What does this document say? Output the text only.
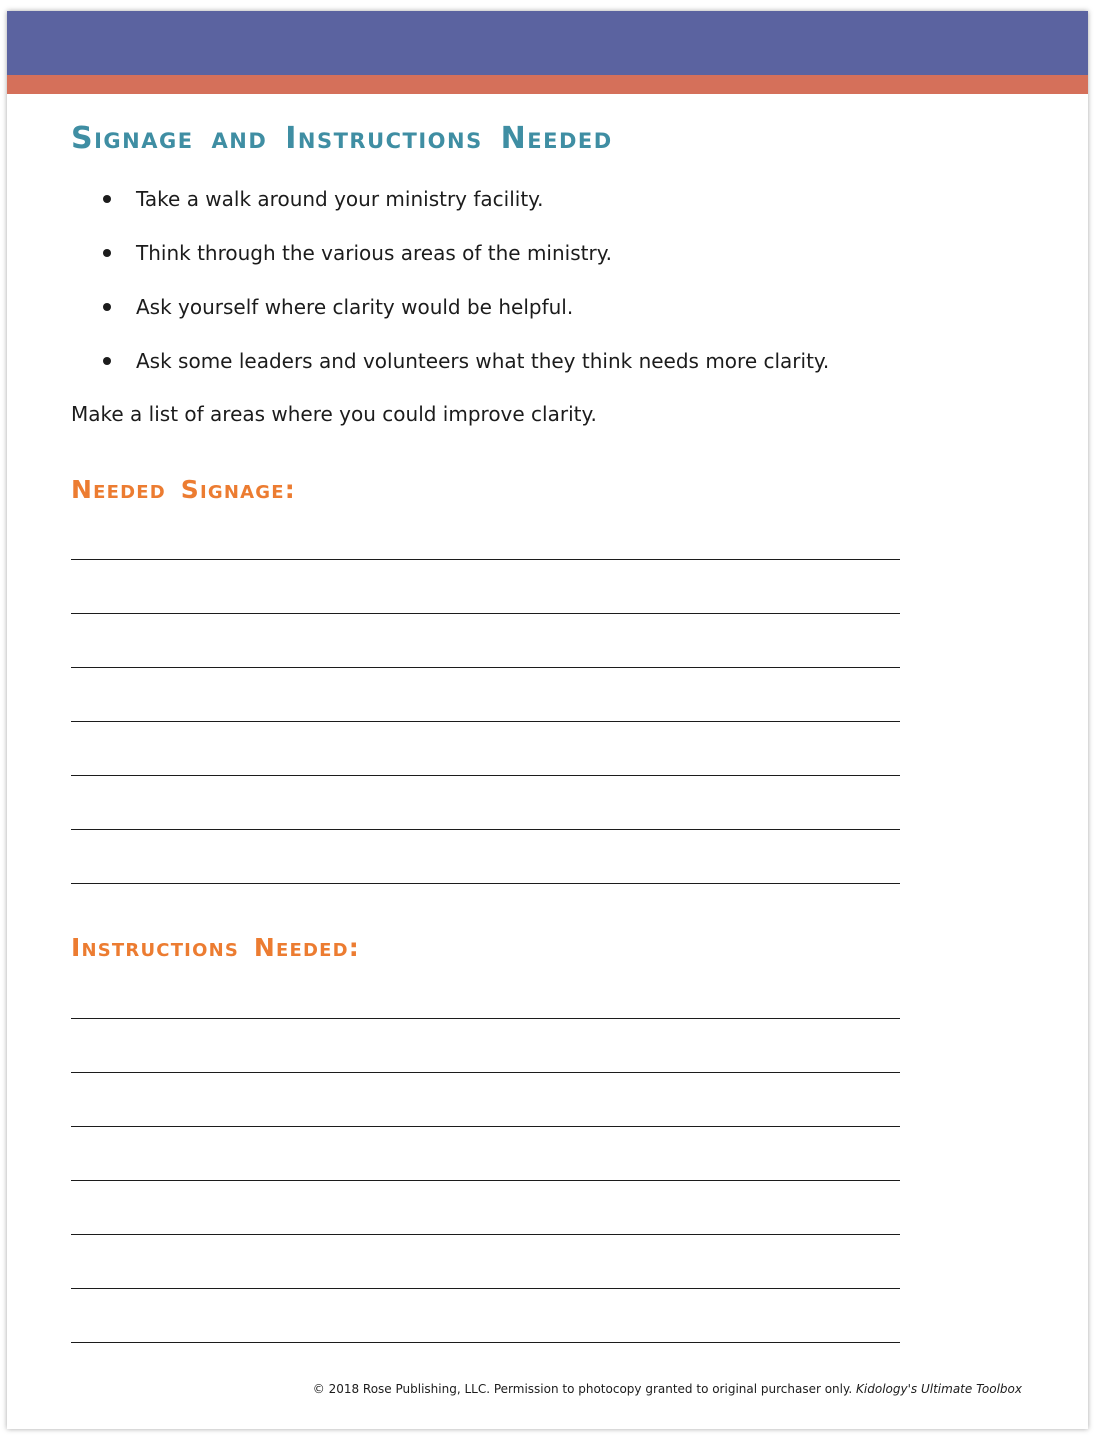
Signage and Instructions Needed
Take a walk around your ministry facility.
Think through the various areas of the ministry.
Ask yourself where clarity would be helpful.
Ask some leaders and volunteers what they think needs more clarity.

Make a list of areas where you could improve clarity.

Needed Signage:
Instructions Needed:
© 2018 Rose Publishing, LLC. Permission to photocopy granted to original purchaser only. Kidology's Ultimate Toolbox
